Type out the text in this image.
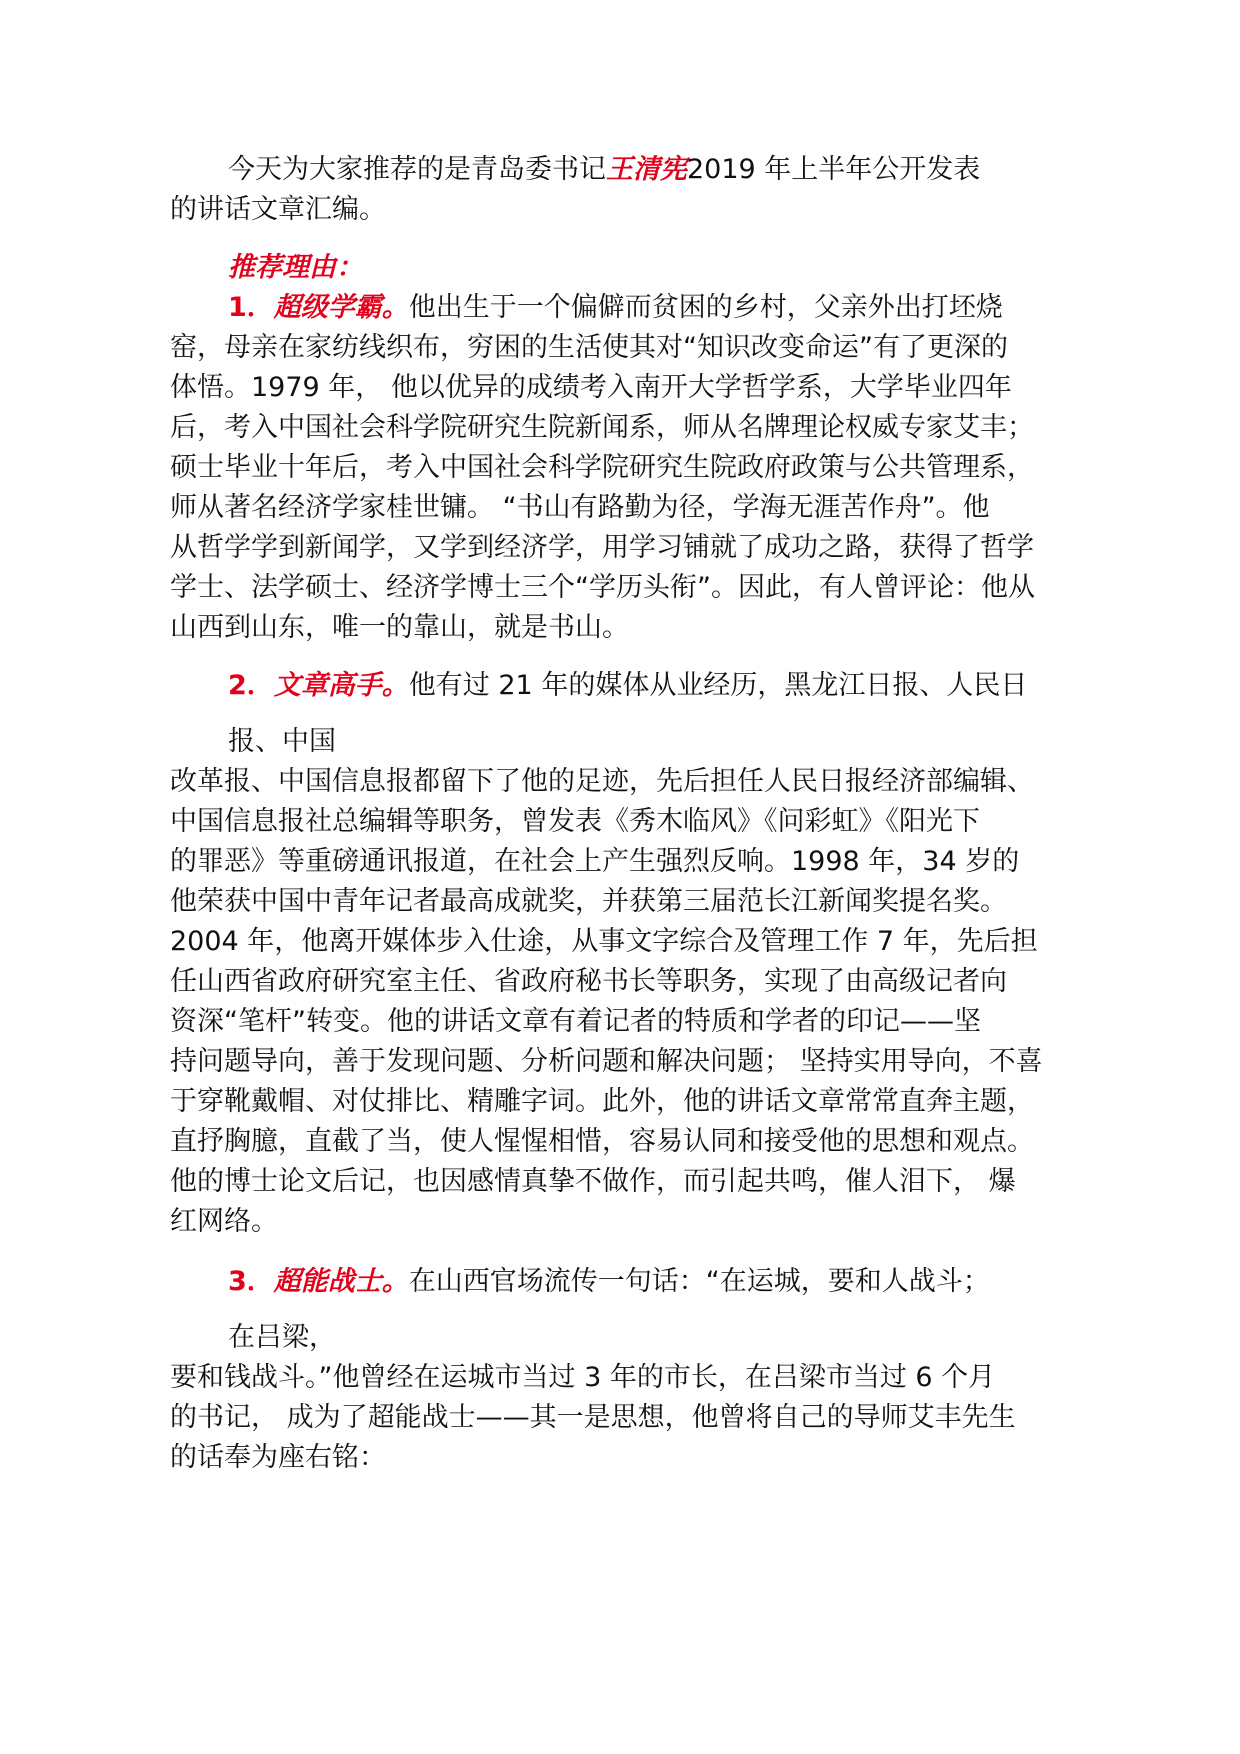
今天为大家推荐的是青岛委书记王清宪2019 年上半年公开发表
的讲话文章汇编。
推荐理由：
1．超级学霸。他出生于一个偏僻而贫困的乡村，父亲外出打坯烧
窑，母亲在家纺线织布，穷困的生活使其对“知识改变命运”有了更深的
体悟。1979 年， 他以优异的成绩考入南开大学哲学系，大学毕业四年
后，考入中国社会科学院研究生院新闻系，师从名牌理论权威专家艾丰；
硕士毕业十年后，考入中国社会科学院研究生院政府政策与公共管理系，
师从著名经济学家桂世镛。 “书山有路勤为径，学海无涯苦作舟”。他
从哲学学到新闻学，又学到经济学，用学习铺就了成功之路，获得了哲学
学士、法学硕士、经济学博士三个“学历头衔”。因此，有人曾评论：他从
山西到山东，唯一的靠山，就是书山。
2．文章高手。他有过 21 年的媒体从业经历，黑龙江日报、人民日
报、中国
改革报、中国信息报都留下了他的足迹，先后担任人民日报经济部编辑、
中国信息报社总编辑等职务，曾发表《秀木临风》《问彩虹》《阳光下
的罪恶》等重磅通讯报道，在社会上产生强烈反响。1998 年，34 岁的
他荣获中国中青年记者最高成就奖，并获第三届范长江新闻奖提名奖。
2004 年，他离开媒体步入仕途，从事文字综合及管理工作 7 年，先后担
任山西省政府研究室主任、省政府秘书长等职务，实现了由高级记者向
资深“笔杆”转变。他的讲话文章有着记者的特质和学者的印记——坚
持问题导向，善于发现问题、分析问题和解决问题； 坚持实用导向，不喜
于穿靴戴帽、对仗排比、精雕字词。此外，他的讲话文章常常直奔主题，
直抒胸臆，直截了当，使人惺惺相惜，容易认同和接受他的思想和观点。
他的博士论文后记，也因感情真挚不做作，而引起共鸣，催人泪下， 爆
红网络。
3．超能战士。在山西官场流传一句话：“在运城，要和人战斗；
在吕梁，
要和钱战斗。”他曾经在运城市当过 3 年的市长，在吕梁市当过 6 个月
的书记， 成为了超能战士——其一是思想，他曾将自己的导师艾丰先生
的话奉为座右铭：
